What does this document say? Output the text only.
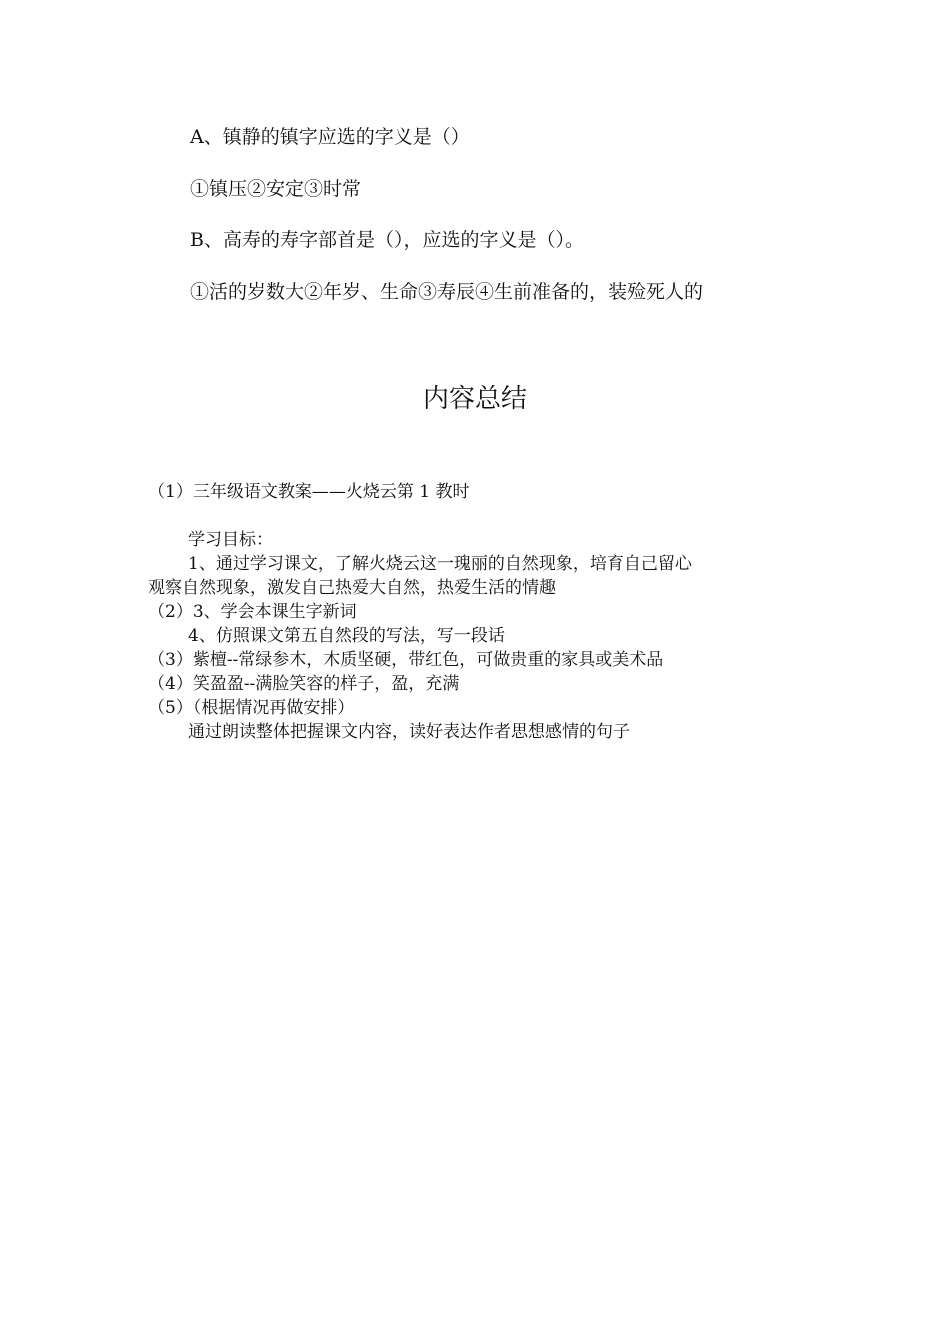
A、镇静的镇字应选的字义是（）
①镇压②安定③时常
B、高寿的寿字部首是（），应选的字义是（）。
①活的岁数大②年岁、生命③寿辰④生前准备的，装殓死人的
内容总结
（1）三年级语文教案——火烧云第 1 教时
学习目标：
1、通过学习课文，了解火烧云这一瑰丽的自然现象，培育自己留心
观察自然现象，激发自己热爱大自然，热爱生活的情趣
（2）3、学会本课生字新词
4、仿照课文第五自然段的写法，写一段话
（3）紫檀--常绿参木，木质坚硬，带红色，可做贵重的家具或美术品
（4）笑盈盈--满脸笑容的样子，盈，充满
（5）（根据情况再做安排）
通过朗读整体把握课文内容，读好表达作者思想感情的句子
